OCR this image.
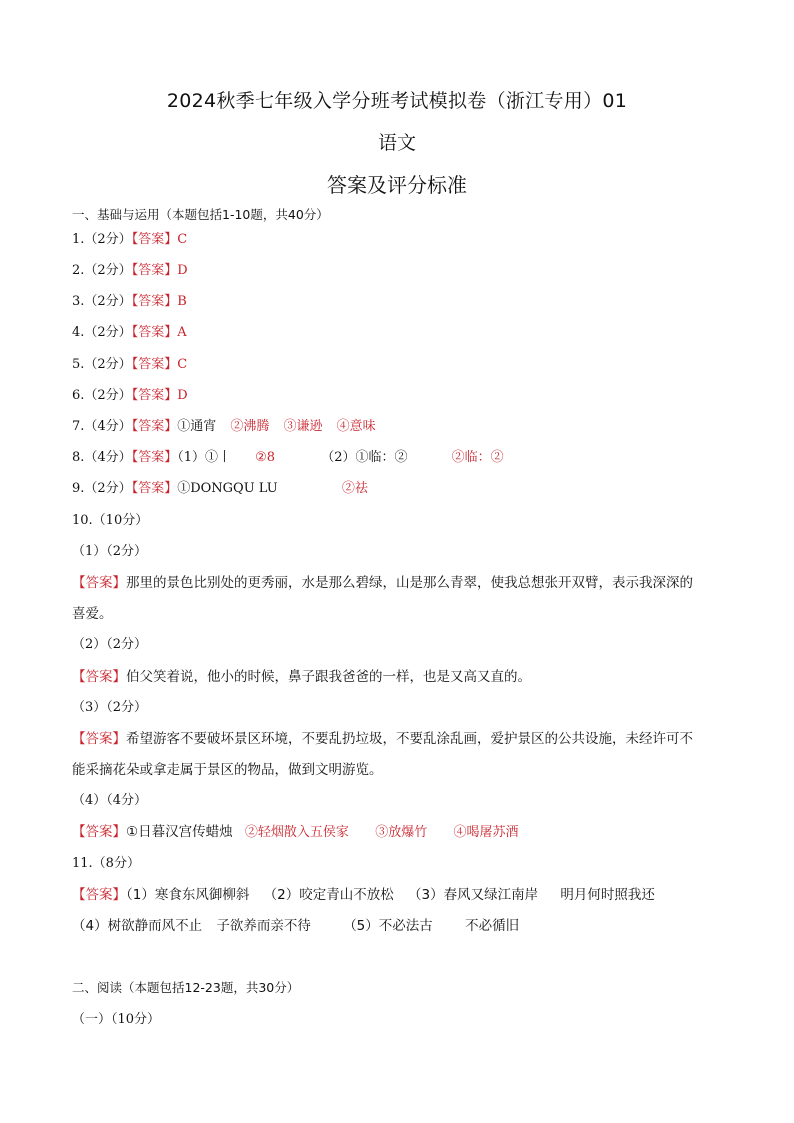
2024秋季七年级入学分班考试模拟卷（浙江专用）01
语文
答案及评分标准
一、基础与运用（本题包括1-10题，共40分）
1.（2分）【答案】C
2.（2分）【答案】D
3.（2分）【答案】B
4.（2分）【答案】A
5.（2分）【答案】C
6.（2分）【答案】D
7.（4分）【答案】①通宵 ②沸腾 ③谦逊 ④意味
8.（4分）【答案】（1）①丨 ②8	（2）①临：②	②临：②
9.（2分）【答案】①DONGQU LU	②祛
10.（10分）
（1）（2分）
【答案】那里的景色比别处的更秀丽，水是那么碧绿，山是那么青翠，使我总想张开双臂，表示我深深的
喜爱。
（2）（2分）
【答案】伯父笑着说，他小的时候，鼻子跟我爸爸的一样，也是又高又直的。
（3）（2分）
【答案】希望游客不要破坏景区环境，不要乱扔垃圾，不要乱涂乱画，爱护景区的公共设施，未经许可不
能采摘花朵或拿走属于景区的物品，做到文明游览。
（4）（4分）
【答案】①日暮汉宫传蜡烛 ②轻烟散入五侯家 ③放爆竹 ④喝屠苏酒
11.（8分）
【答案】（1）寒食东风御柳斜 （2）咬定青山不放松 （3）春风又绿江南岸 明月何时照我还
（4）树欲静而风不止 子欲养而亲不待 （5）不必法古 不必循旧
二、阅读（本题包括12-23题，共30分）
（一）（10分）
